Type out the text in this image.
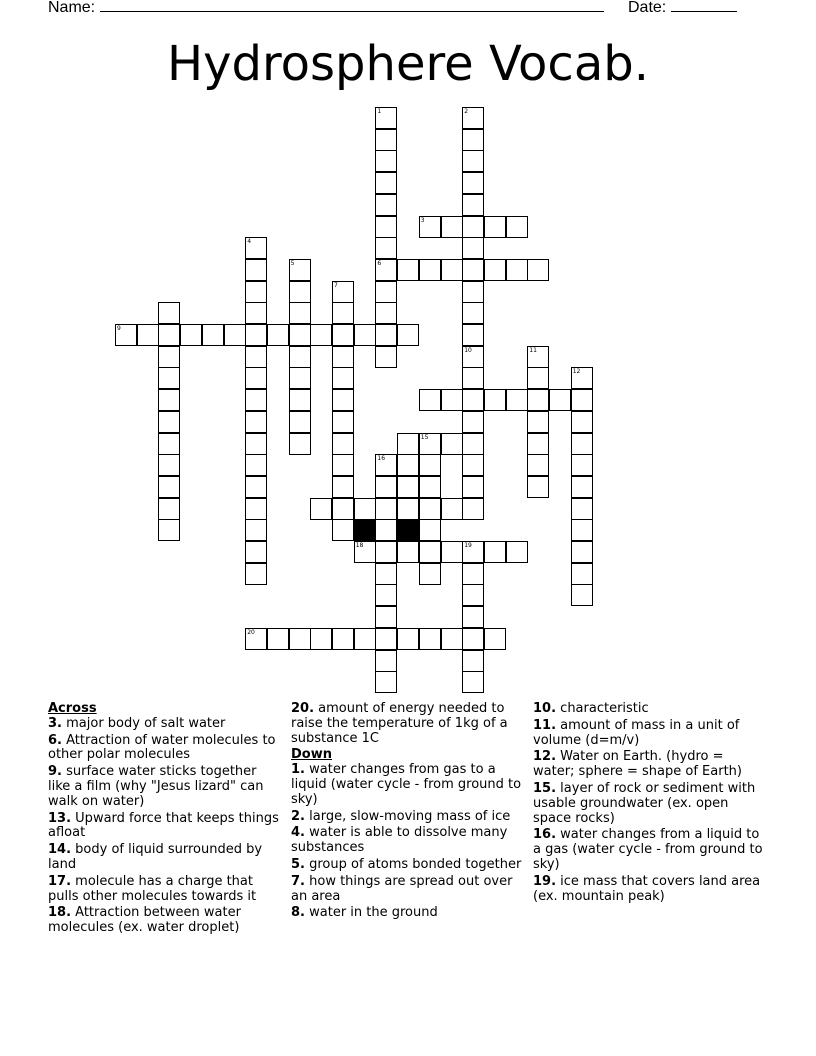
Name:	Date:
Hydrosphere Vocab.
1
6
2
10
3
4
5
7
9
11
12
15
16
18	19
20
Across
3. major body of salt water
6. Attraction of water molecules to other polar molecules
9. surface water sticks together like a film (why "Jesus lizard" can walk on water)
13. Upward force that keeps things afloat
14. body of liquid surrounded by land
17. molecule has a charge that pulls other molecules towards it
18. Attraction between water molecules (ex. water droplet)
20. amount of energy needed to raise the temperature of 1kg of a substance 1C
Down
1. water changes from gas to a liquid (water cycle - from ground to sky)
2. large, slow-moving mass of ice
4. water is able to dissolve many substances
5. group of atoms bonded together
7. how things are spread out over an area
8. water in the ground
10. characteristic
11. amount of mass in a unit of volume (d=m/v)
12. Water on Earth. (hydro = water; sphere = shape of Earth)
15. layer of rock or sediment with usable groundwater (ex. open space rocks)
16. water changes from a liquid to a gas (water cycle - from ground to sky)
19. ice mass that covers land area (ex. mountain peak)
